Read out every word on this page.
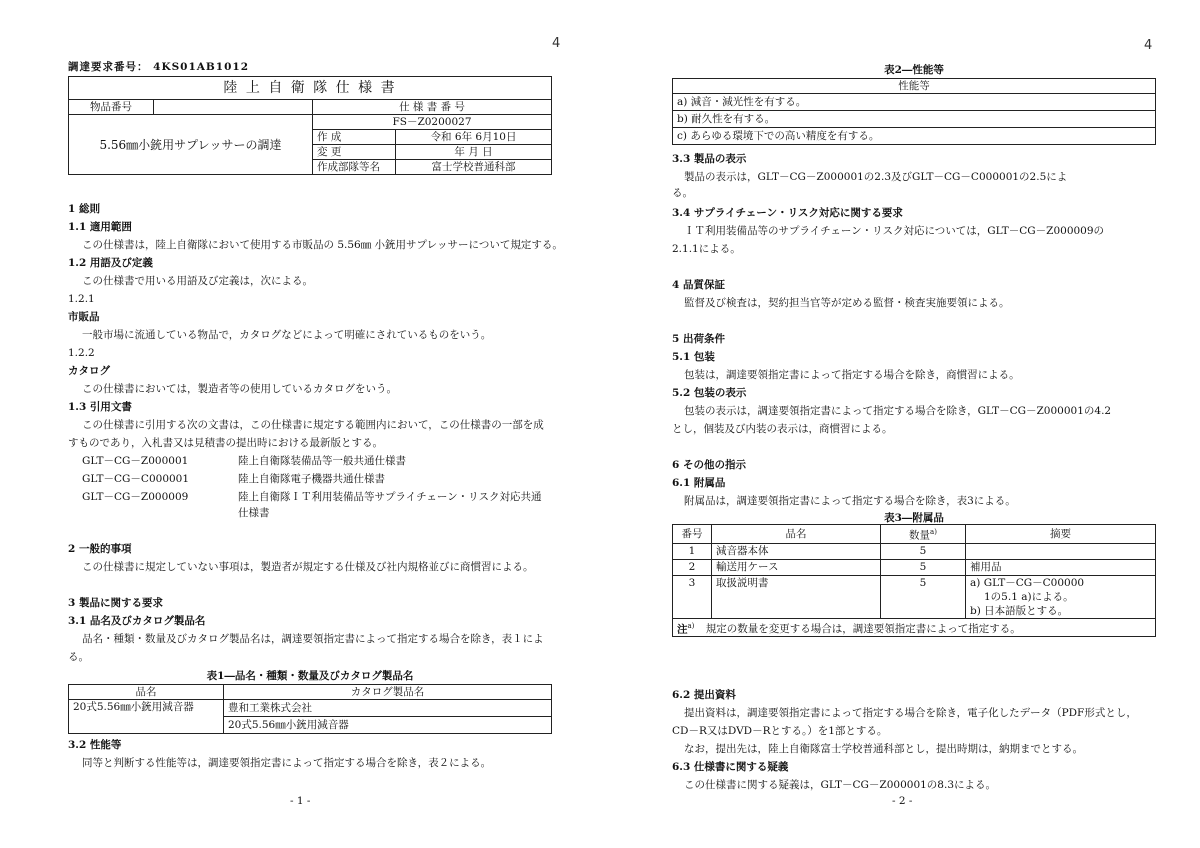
4
調達要求番号： 4KS01AB1012
陸 上 自 衛 隊 仕 様 書			
物品番号		仕 様 書 番 号	
5.56㎜小銃用サプレッサーの調達		FS－Z0200027	
		作 成	令和 6年 6月10日
		変 更	年 月 日
		作成部隊等名	富士学校普通科部
1 総則
1.1 適用範囲
この仕様書は，陸上自衛隊において使用する市販品の 5.56㎜ 小銃用サプレッサーについて規定する。
1.2 用語及び定義
この仕様書で用いる用語及び定義は，次による。
1.2.1
市販品
一般市場に流通している物品で，カタログなどによって明確にされているものをいう。
1.2.2
カタログ
この仕様書においては，製造者等の使用しているカタログをいう。
1.3 引用文書
この仕様書に引用する次の文書は，この仕様書に規定する範囲内において，この仕様書の一部を成
すものであり，入札書又は見積書の提出時における最新版とする。
GLT－CG－Z000001	陸上自衛隊装備品等一般共通仕様書
GLT－CG－C000001	陸上自衛隊電子機器共通仕様書
GLT－CG－Z000009	陸上自衛隊ＩＴ利用装備品等サプライチェーン・リスク対応共通
仕様書
2 一般的事項
この仕様書に規定していない事項は，製造者が規定する仕様及び社内規格並びに商慣習による。
3 製品に関する要求
3.1 品名及びカタログ製品名
品名・種類・数量及びカタログ製品名は，調達要領指定書によって指定する場合を除き，表１によ
る。
表1―品名・種類・数量及びカタログ製品名
品名	カタログ製品名
20式5.56㎜小銃用減音器	豊和工業株式会社
	20式5.56㎜小銃用減音器
3.2 性能等
同等と判断する性能等は，調達要領指定書によって指定する場合を除き，表２による。
- 1 -
4
表2―性能等
性能等
a) 減音・減光性を有する。
b) 耐久性を有する。
c) あらゆる環境下での高い精度を有する。
3.3 製品の表示
製品の表示は，GLT－CG－Z000001の2.3及びGLT－CG－C000001の2.5によ
る。
3.4 サプライチェーン・リスク対応に関する要求
ＩＴ利用装備品等のサプライチェーン・リスク対応については，GLT－CG－Z000009の
2.1.1による。
4 品質保証
監督及び検査は，契約担当官等が定める監督・検査実施要領による。
5 出荷条件
5.1 包装
包装は，調達要領指定書によって指定する場合を除き，商慣習による。
5.2 包装の表示
包装の表示は，調達要領指定書によって指定する場合を除き，GLT－CG－Z000001の4.2
とし，個装及び内装の表示は，商慣習による。
6 その他の指示
6.1 附属品
附属品は，調達要領指定書によって指定する場合を除き，表3による。
表3―附属品
番号	品名	数量$^{a)}$	摘要
1	減音器本体	5	
2	輸送用ケース	5	補用品
3	取扱説明書	5	a) GLT－CG－C00000
1の5.1 a)による。
b) 日本語版とする。

注$^{a)}$ 規定の数量を変更する場合は，調達要領指定書によって指定する。			
6.2 提出資料
提出資料は，調達要領指定書によって指定する場合を除き，電子化したデータ（PDF形式とし，
CD－R又はDVD－Rとする。）を1部とする。
なお，提出先は，陸上自衛隊富士学校普通科部とし，提出時期は，納期までとする。
6.3 仕様書に関する疑義
この仕様書に関する疑義は，GLT－CG－Z000001の8.3による。
- 2 -
